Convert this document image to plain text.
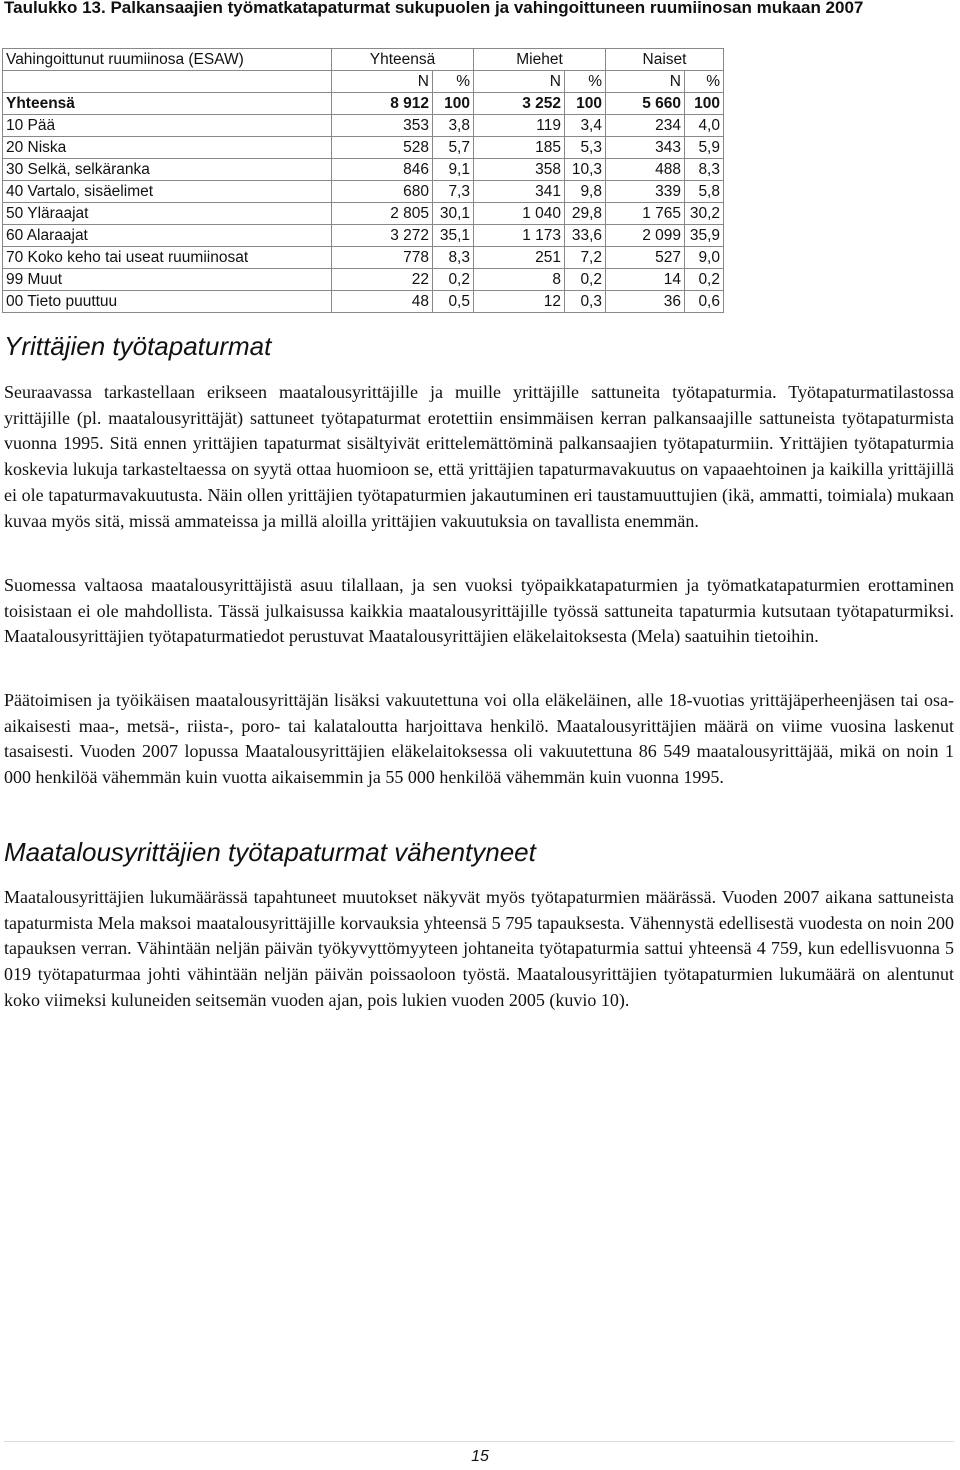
Taulukko 13. Palkansaajien työmatkatapaturmat sukupuolen ja vahingoittuneen ruumiinosan mukaan 2007

Vahingoittunut ruumiinosa (ESAW)	Yhteensä		Miehet		Naiset	
	N	%	N	%	N	%
Yhteensä	8 912	100	3 252	100	5 660	100
10 Pää	353	3,8	119	3,4	234	4,0
20 Niska	528	5,7	185	5,3	343	5,9
30 Selkä, selkäranka	846	9,1	358	10,3	488	8,3
40 Vartalo, sisäelimet	680	7,3	341	9,8	339	5,8
50 Yläraajat	2 805	30,1	1 040	29,8	1 765	30,2
60 Alaraajat	3 272	35,1	1 173	33,6	2 099	35,9
70 Koko keho tai useat ruumiinosat	778	8,3	251	7,2	527	9,0
99 Muut	22	0,2	8	0,2	14	0,2
00 Tieto puuttuu	48	0,5	12	0,3	36	0,6
Yrittäjien työtapaturmat

Seuraavassa tarkastellaan erikseen maatalousyrittäjille ja muille yrittäjille sattuneita työtapaturmia. Työtapaturmatilastossa yrittäjille (pl. maatalousyrittäjät) sattuneet työtapaturmat erotettiin ensimmäisen kerran palkansaajille sattuneista työtapaturmista vuonna 1995. Sitä ennen yrittäjien tapaturmat sisältyivät erittelemättöminä palkansaajien työtapaturmiin. Yrittäjien työtapaturmia koskevia lukuja tarkasteltaessa on syytä ottaa huomioon se, että yrittäjien tapaturmavakuutus on vapaaehtoinen ja kaikilla yrittäjillä ei ole tapaturmavakuutusta. Näin ollen yrittäjien työtapaturmien jakautuminen eri taustamuuttujien (ikä, ammatti, toimiala) mukaan kuvaa myös sitä, missä ammateissa ja millä aloilla yrittäjien vakuutuksia on tavallista enemmän.

Suomessa valtaosa maatalousyrittäjistä asuu tilallaan, ja sen vuoksi työpaikkatapaturmien ja työmatkatapaturmien erottaminen toisistaan ei ole mahdollista. Tässä julkaisussa kaikkia maatalousyrittäjille työssä sattuneita tapaturmia kutsutaan työtapaturmiksi. Maatalousyrittäjien työtapaturmatiedot perustuvat Maatalousyrittäjien eläkelaitoksesta (Mela) saatuihin tietoihin.

Päätoimisen ja työikäisen maatalousyrittäjän lisäksi vakuutettuna voi olla eläkeläinen, alle 18-vuotias yrittäjäperheenjäsen tai osa-aikaisesti maa-, metsä-, riista-, poro- tai kalataloutta harjoittava henkilö. Maatalousyrittäjien määrä on viime vuosina laskenut tasaisesti. Vuoden 2007 lopussa Maatalousyrittäjien eläkelaitoksessa oli vakuutettuna 86 549 maatalousyrittäjää, mikä on noin 1 000 henkilöä vähemmän kuin vuotta aikaisemmin ja 55 000 henkilöä vähemmän kuin vuonna 1995.

Maatalousyrittäjien työtapaturmat vähentyneet

Maatalousyrittäjien lukumäärässä tapahtuneet muutokset näkyvät myös työtapaturmien määrässä. Vuoden 2007 aikana sattuneista tapaturmista Mela maksoi maatalousyrittäjille korvauksia yhteensä 5 795 tapauksesta. Vähennystä edellisestä vuodesta on noin 200 tapauksen verran. Vähintään neljän päivän työkyvyttömyyteen johtaneita työtapaturmia sattui yhteensä 4 759, kun edellisvuonna 5 019 työtapaturmaa johti vähintään neljän päivän poissaoloon työstä. Maatalousyrittäjien työtapaturmien lukumäärä on alentunut koko viimeksi kuluneiden seitsemän vuoden ajan, pois lukien vuoden 2005 (kuvio 10).

15
